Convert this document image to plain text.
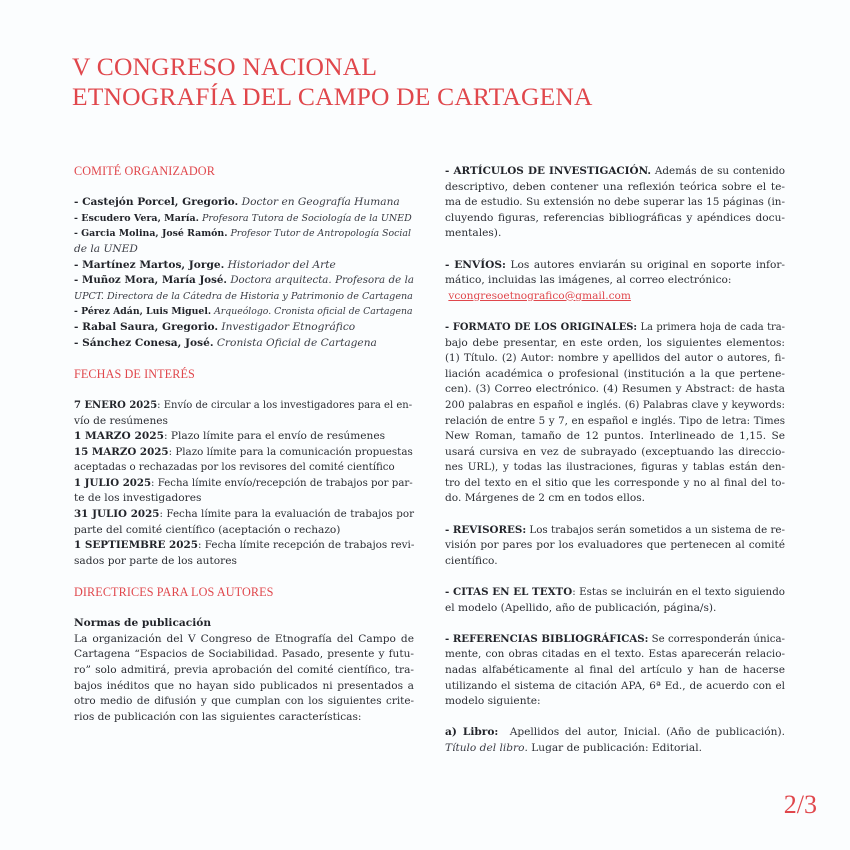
V CONGRESO NACIONAL
ETNOGRAFÍA DEL CAMPO DE CARTAGENA
COMITÉ ORGANIZADOR
- Castejón Porcel, Gregorio. Doctor en Geografía Humana
- Escudero Vera, María. Profesora Tutora de Sociología de la UNED
- Garcia Molina, José Ramón. Profesor Tutor de Antropología Social
de la UNED
- Martínez Martos, Jorge. Historiador del Arte
- Muñoz Mora, María José. Doctora arquitecta. Profesora de la
UPCT. Directora de la Cátedra de Historia y Patrimonio de Cartagena
- Pérez Adán, Luis Miguel. Arqueólogo. Cronista oficial de Cartagena
- Rabal Saura, Gregorio. Investigador Etnográfico
- Sánchez Conesa, José. Cronista Oficial de Cartagena
FECHAS DE INTERÉS
7 ENERO 2025: Envío de circular a los investigadores para el en-
vío de resúmenes
1 MARZO 2025: Plazo límite para el envío de resúmenes
15 MARZO 2025: Plazo límite para la comunicación propuestas
aceptadas o rechazadas por los revisores del comité científico
1 JULIO 2025: Fecha límite envío/recepción de trabajos por par-
te de los investigadores
31 JULIO 2025: Fecha límite para la evaluación de trabajos por
parte del comité científico (aceptación o rechazo)
1 SEPTIEMBRE 2025: Fecha límite recepción de trabajos revi-
sados por parte de los autores
DIRECTRICES PARA LOS AUTORES
Normas de publicación
La organización del V Congreso de Etnografía del Campo de
Cartagena “Espacios de Sociabilidad. Pasado, presente y futu-
ro” solo admitirá, previa aprobación del comité científico, tra-
bajos inéditos que no hayan sido publicados ni presentados a
otro medio de difusión y que cumplan con los siguientes crite-
rios de publicación con las siguientes características:
- ARTÍCULOS DE INVESTIGACIÓN. Además de su contenido
descriptivo, deben contener una reflexión teórica sobre el te-
ma de estudio. Su extensión no debe superar las 15 páginas (in-
cluyendo figuras, referencias bibliográficas y apéndices docu-
mentales).
- ENVÍOS: Los autores enviarán su original en soporte infor-
mático, incluidas las imágenes, al correo electrónico:
vcongresoetnografico@gmail.com
- FORMATO DE LOS ORIGINALES: La primera hoja de cada tra-
bajo debe presentar, en este orden, los siguientes elementos:
(1) Título. (2) Autor: nombre y apellidos del autor o autores, fi-
liación académica o profesional (institución a la que pertene-
cen). (3) Correo electrónico. (4) Resumen y Abstract: de hasta
200 palabras en español e inglés. (6) Palabras clave y keywords:
relación de entre 5 y 7, en español e inglés. Tipo de letra: Times
New Roman, tamaño de 12 puntos. Interlineado de 1,15. Se
usará cursiva en vez de subrayado (exceptuando las direccio-
nes URL), y todas las ilustraciones, figuras y tablas están den-
tro del texto en el sitio que les corresponde y no al final del to-
do. Márgenes de 2 cm en todos ellos.
- REVISORES: Los trabajos serán sometidos a un sistema de re-
visión por pares por los evaluadores que pertenecen al comité
científico.
- CITAS EN EL TEXTO: Estas se incluirán en el texto siguiendo
el modelo (Apellido, año de publicación, página/s).
- REFERENCIAS BIBLIOGRÁFICAS: Se corresponderán única-
mente, con obras citadas en el texto. Estas aparecerán relacio-
nadas alfabéticamente al final del artículo y han de hacerse
utilizando el sistema de citación APA, 6ª Ed., de acuerdo con el
modelo siguiente:
a) Libro:  Apellidos del autor, Inicial. (Año de publicación).
Título del libro. Lugar de publicación: Editorial.
2/3
